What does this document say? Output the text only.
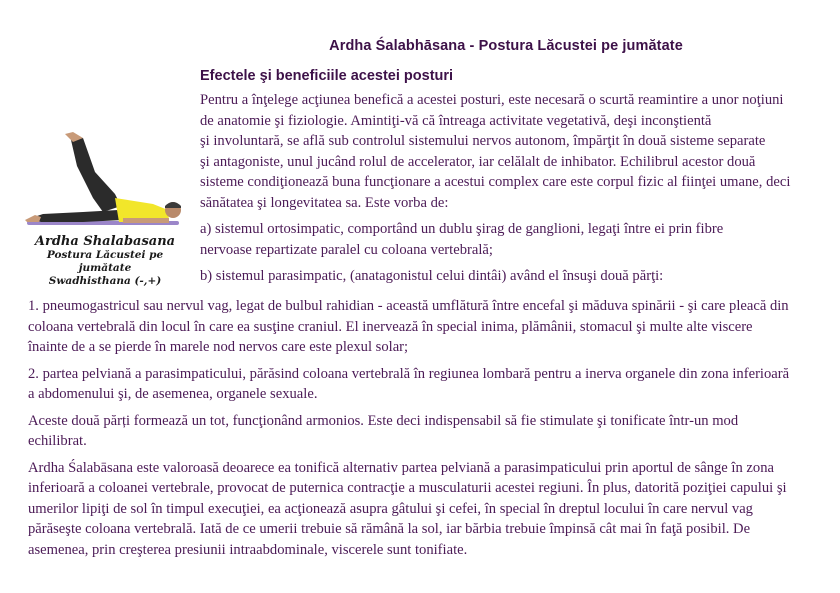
Ardha Śalabhāsana - Postura Lăcustei pe jumătate
Efectele şi beneficiile acestei posturi
Ardha Shalabasana
Postura Lăcustei pe jumătate
Swadhisthana (-,+)

Pentru a înţelege acţiunea benefică a acestei posturi, este necesară o scurtă reamintire a unor noţiuni
de anatomie şi fiziologie. Amintiţi-vă că întreaga activitate vegetativă, deşi inconştientă
şi involuntară, se află sub controlul sistemului nervos autonom, împărţit în două sisteme separate
şi antagoniste, unul jucând rolul de accelerator, iar celălalt de inhibator. Echilibrul acestor două
sisteme condiţionează buna funcţionare a acestui complex care este corpul fizic al fiinţei umane, deci
sănătatea şi longevitatea sa. Este vorba de:

a) sistemul ortosimpatic, comportând un dublu şirag de ganglioni, legaţi între ei prin fibre
nervoase repartizate paralel cu coloana vertebrală;

b) sistemul parasimpatic, (anatagonistul celui dintâi) având el însuşi două părţi:

1. pneumogastricul sau nervul vag, legat de bulbul rahidian - această umflătură între encefal şi măduva spinării - şi care pleacă din
coloana vertebrală din locul în care ea susţine craniul. El inervează în special inima, plămânii, stomacul şi multe alte viscere
înainte de a se pierde în marele nod nervos care este plexul solar;

2. partea pelviană a parasimpaticului, părăsind coloana vertebrală în regiunea lombară pentru a inerva organele din zona inferioară
a abdomenului şi, de asemenea, organele sexuale.

Aceste două părți formează un tot, funcţionând armonios. Este deci indispensabil să fie stimulate şi tonificate într-un mod
echilibrat.

Ardha Śalabāsana este valoroasă deoarece ea tonifică alternativ partea pelviană a parasimpaticului prin aportul de sânge în zona
inferioară a coloanei vertebrale, provocat de puternica contracţie a musculaturii acestei regiuni. În plus, datorită poziţiei capului şi
umerilor lipiţi de sol în timpul execuţiei, ea acţionează asupra gâtului şi cefei, în special în dreptul locului în care nervul vag
părăseşte coloana vertebrală. Iată de ce umerii trebuie să rămână la sol, iar bărbia trebuie împinsă cât mai în faţă posibil. De
asemenea, prin creşterea presiunii intraabdominale, viscerele sunt tonifiate.
